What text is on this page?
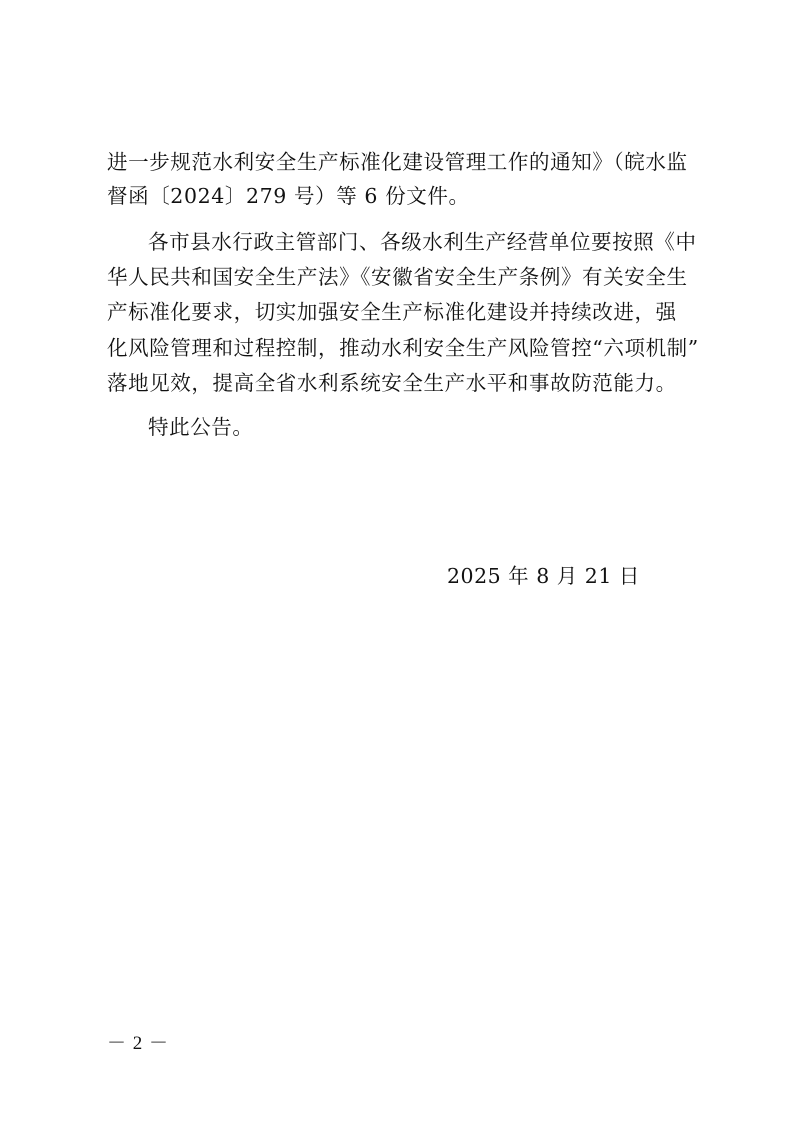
进一步规范水利安全生产标准化建设管理工作的通知》（皖水监
督函〔2024〕279 号）等 6 份文件。
各市县水行政主管部门、各级水利生产经营单位要按照《中
华人民共和国安全生产法》《安徽省安全生产条例》有关安全生
产标准化要求，切实加强安全生产标准化建设并持续改进，强
化风险管理和过程控制，推动水利安全生产风险管控“六项机制”
落地见效，提高全省水利系统安全生产水平和事故防范能力。
特此公告。
2025 年 8 月 21 日
－ 2 －
